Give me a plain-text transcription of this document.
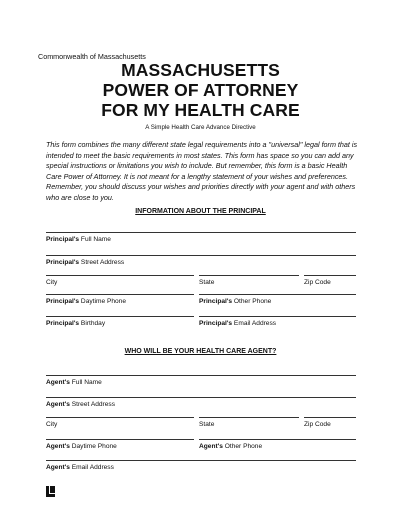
Commonwealth of Massachusetts
MASSACHUSETTS
POWER OF ATTORNEY
FOR MY HEALTH CARE
A Simple Health Care Advance Directive
This form combines the many different state legal requirements into a "universal" legal form that is intended to meet the basic requirements in most states. This form has space so you can add any special instructions or limitations you wish to include. But remember, this form is a basic Health Care Power of Attorney. It is not meant for a lengthy statement of your wishes and preferences. Remember, you should discuss your wishes and priorities directly with your agent and with others who are close to you.
INFORMATION ABOUT THE PRINCIPAL
Principal's Full Name
Principal's Street Address
City	State	Zip Code
Principal's Daytime Phone	Principal's Other Phone
Principal's Birthday	Principal's Email Address
WHO WILL BE YOUR HEALTH CARE AGENT?
Agent's Full Name
Agent's Street Address
City	State	Zip Code
Agent's Daytime Phone	Agent's Other Phone
Agent's Email Address
